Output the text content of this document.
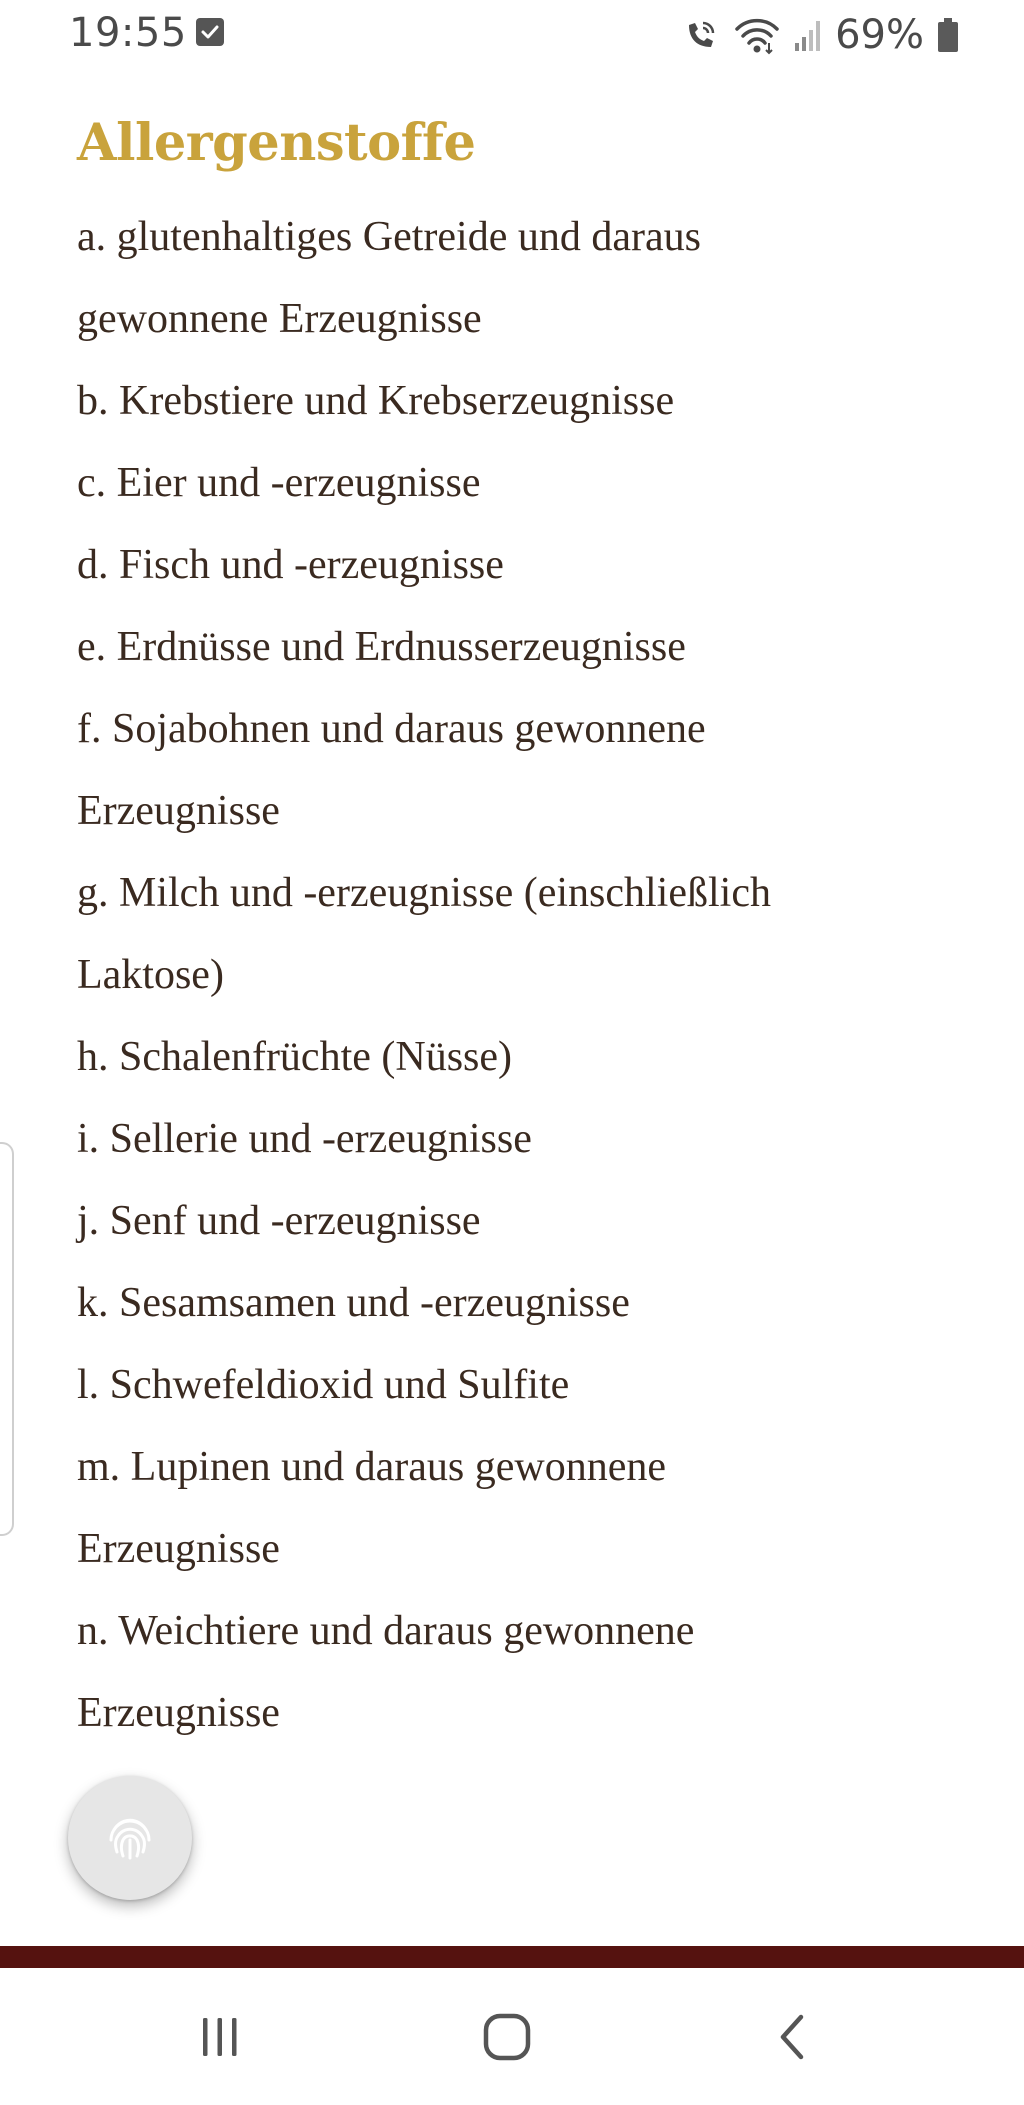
19:55	69%
Allergenstoffe
a. glutenhaltiges Getreide und daraus
gewonnene Erzeugnisse
b. Krebstiere und Krebserzeugnisse
c. Eier und -erzeugnisse
d. Fisch und -erzeugnisse
e. Erdnüsse und Erdnusserzeugnisse
f. Sojabohnen und daraus gewonnene
Erzeugnisse
g. Milch und -erzeugnisse (einschließlich
Laktose)
h. Schalenfrüchte (Nüsse)
i. Sellerie und -erzeugnisse
j. Senf und -erzeugnisse
k. Sesamsamen und -erzeugnisse
l. Schwefeldioxid und Sulfite
m. Lupinen und daraus gewonnene
Erzeugnisse
n. Weichtiere und daraus gewonnene
Erzeugnisse
